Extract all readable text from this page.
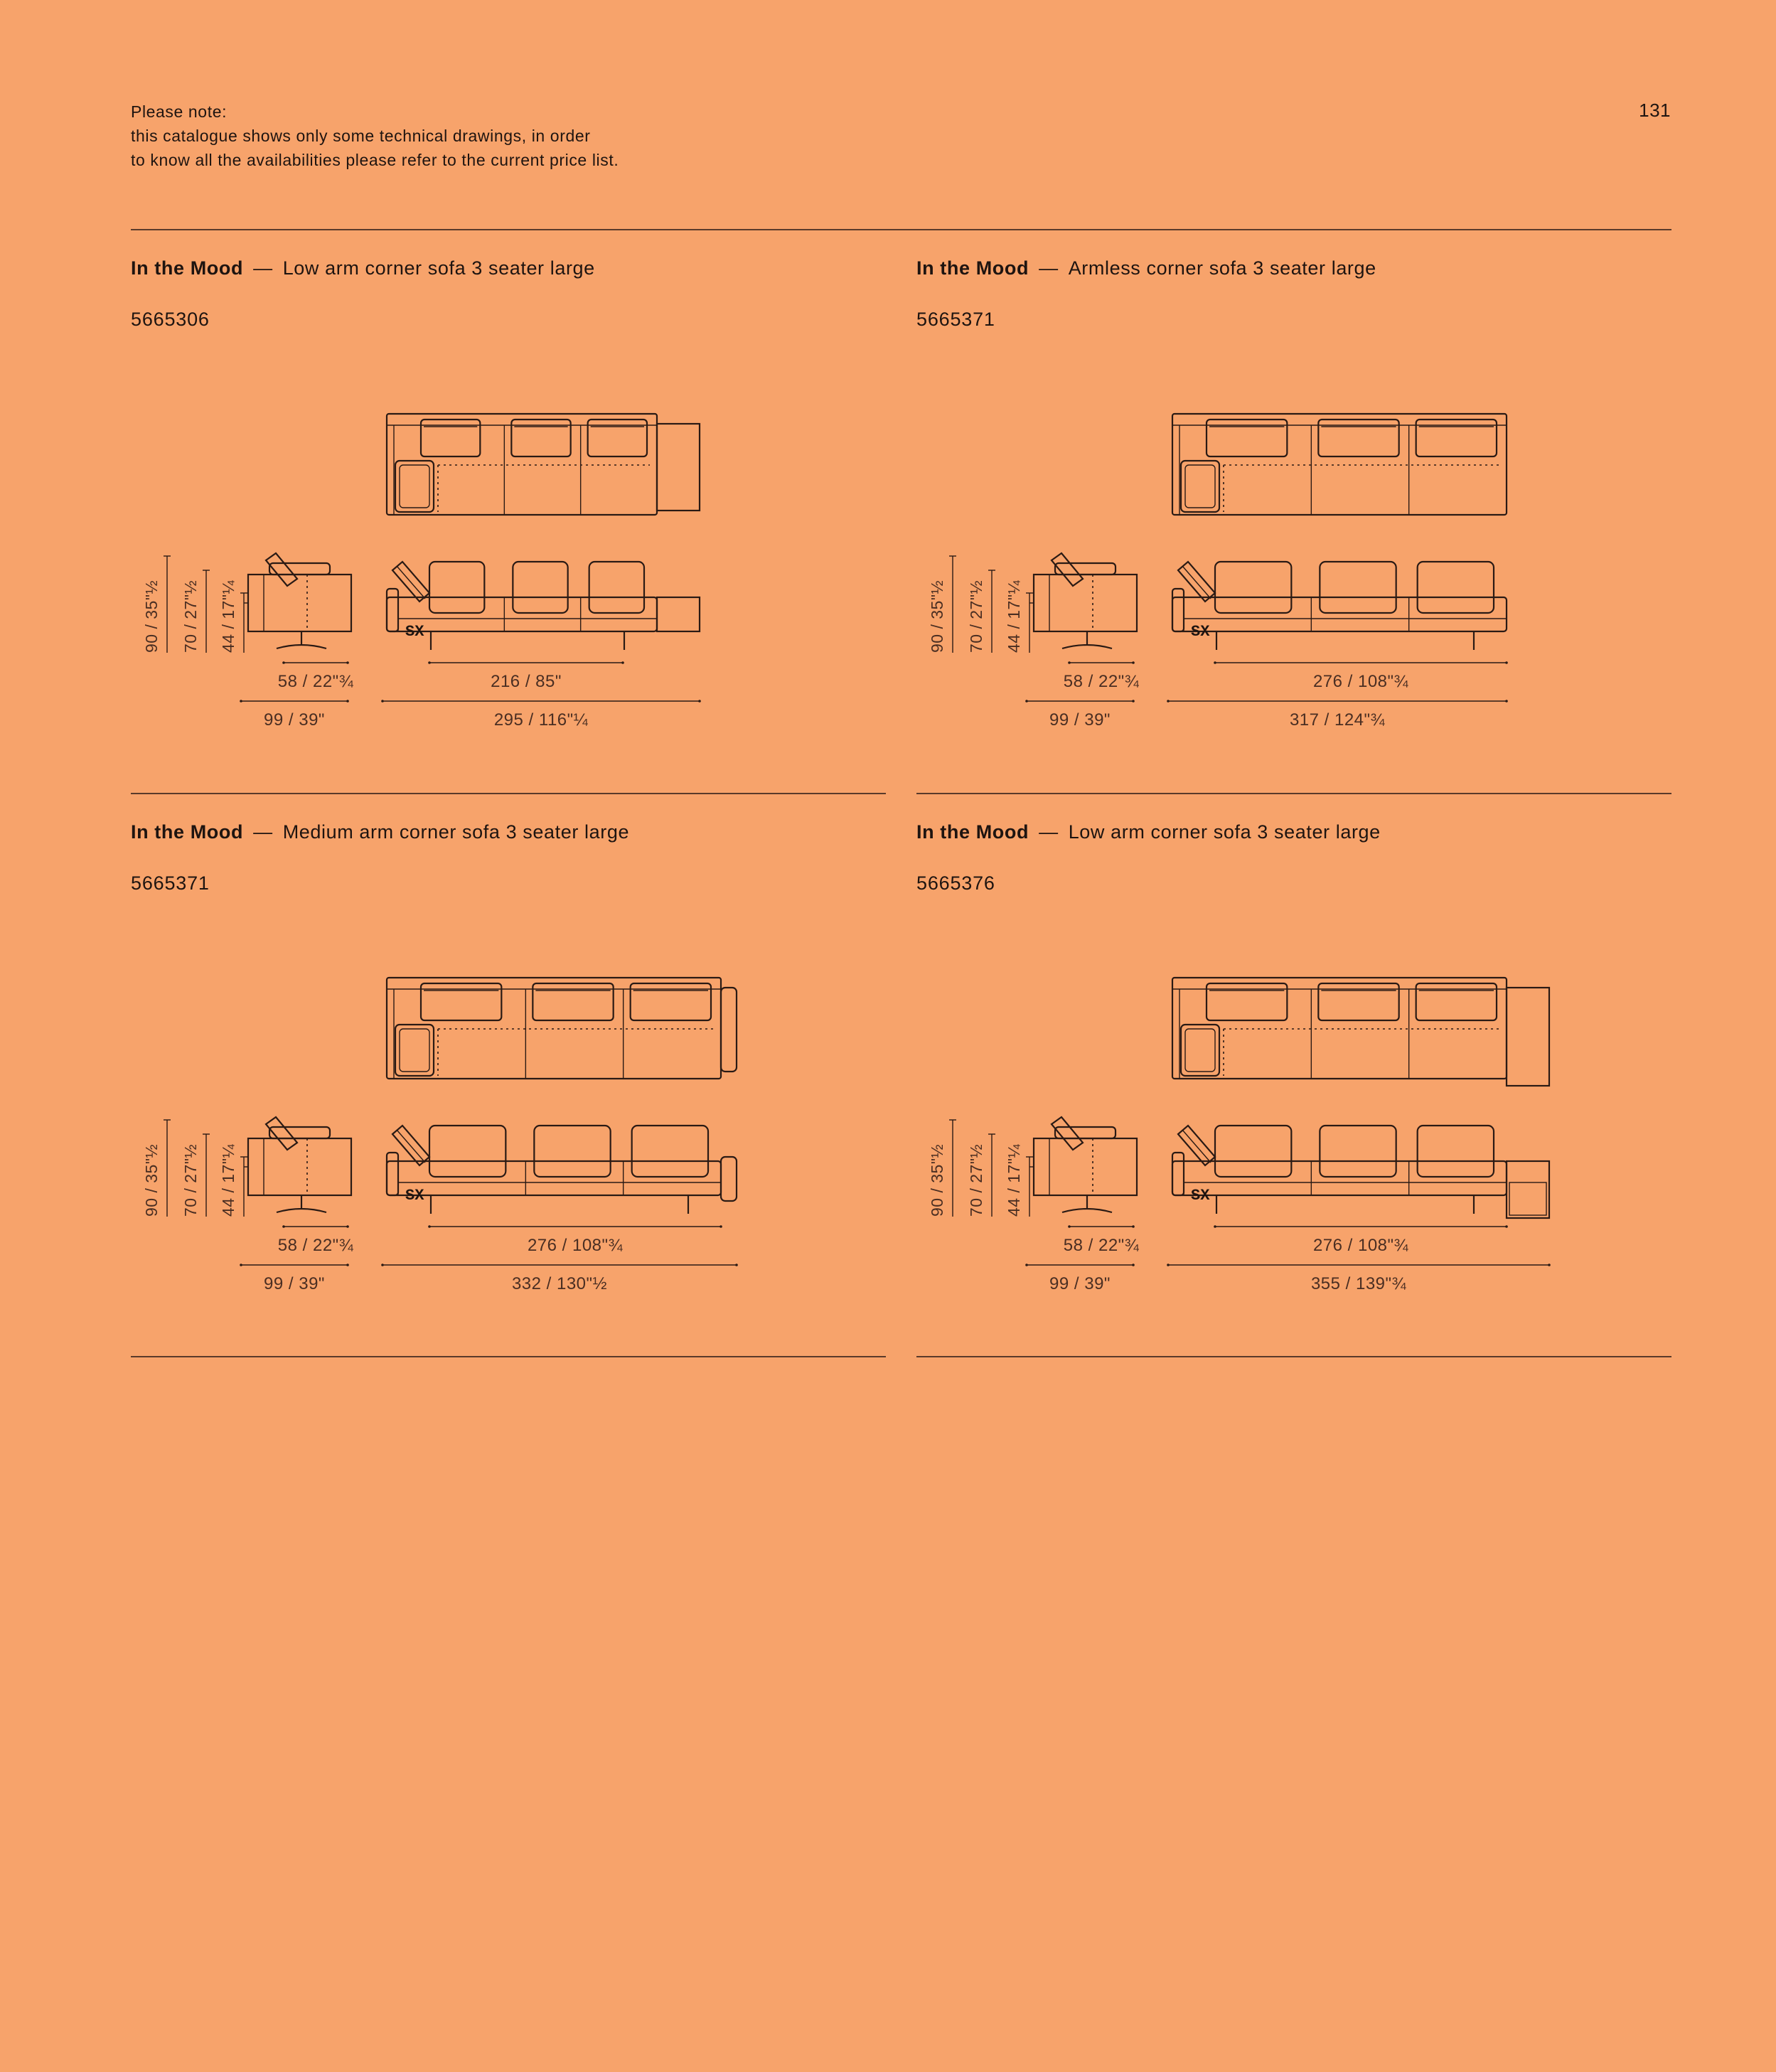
Please note:
this catalogue shows only some technical drawings, in order
to know all the availabilities please refer to the current price list.
131
In the Mood — Low arm corner sofa 3 seater large
5665306
SX
90 / 35"½ 70 / 27"½ 44 / 17"¼
58 / 22"¾
99 / 39"
216 / 85"
295 / 116"¼
In the Mood — Armless corner sofa 3 seater large
5665371
SX
90 / 35"½ 70 / 27"½ 44 / 17"¼
58 / 22"¾
99 / 39"
276 / 108"¾
317 / 124"¾
In the Mood — Medium arm corner sofa 3 seater large
5665371
SX
90 / 35"½ 70 / 27"½ 44 / 17"¼
58 / 22"¾
99 / 39"
276 / 108"¾
332 / 130"½
In the Mood — Low arm corner sofa 3 seater large
5665376
SX
90 / 35"½ 70 / 27"½ 44 / 17"¼
58 / 22"¾
99 / 39"
276 / 108"¾
355 / 139"¾
